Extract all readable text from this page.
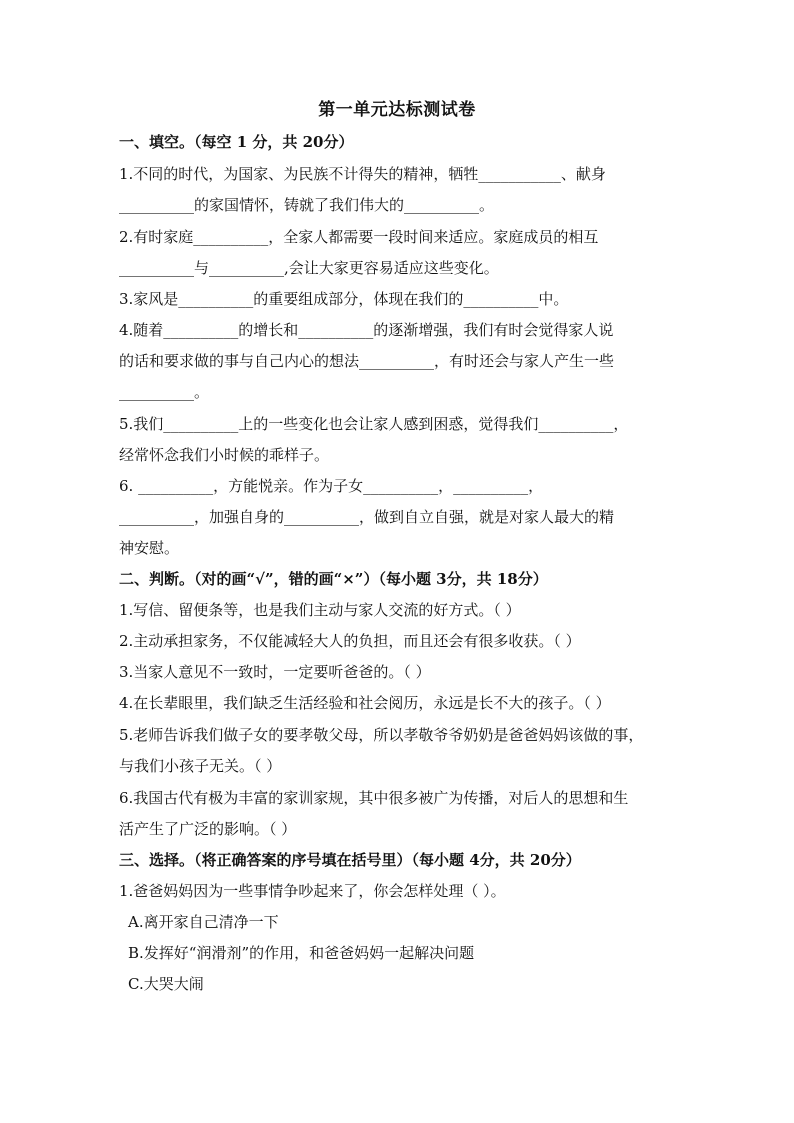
第一单元达标测试卷
一、填空。（每空 1 分，共 20分）
1.不同的时代，为国家、为民族不计得失的精神，牺牲___________、献身
__________的家国情怀，铸就了我们伟大的__________。
2.有时家庭__________，全家人都需要一段时间来适应。家庭成员的相互
__________与__________,会让大家更容易适应这些变化。
3.家风是__________的重要组成部分，体现在我们的__________中。
4.随着__________的增长和__________的逐渐增强，我们有时会觉得家人说
的话和要求做的事与自己内心的想法__________，有时还会与家人产生一些
__________。
5.我们__________上的一些变化也会让家人感到困惑，觉得我们__________，
经常怀念我们小时候的乖样子。
6. __________，方能悦亲。作为子女__________，__________，
__________，加强自身的__________，做到自立自强，就是对家人最大的精
神安慰。
二、判断。（对的画“√”，错的画“×”）（每小题 3分，共 18分）
1.写信、留便条等，也是我们主动与家人交流的好方式。（ ）
2.主动承担家务，不仅能减轻大人的负担，而且还会有很多收获。（ ）
3.当家人意见不一致时，一定要听爸爸的。（ ）
4.在长辈眼里，我们缺乏生活经验和社会阅历，永远是长不大的孩子。（ ）
5.老师告诉我们做子女的要孝敬父母，所以孝敬爷爷奶奶是爸爸妈妈该做的事，
与我们小孩子无关。（ ）
6.我国古代有极为丰富的家训家规，其中很多被广为传播，对后人的思想和生
活产生了广泛的影响。（ ）
三、选择。（将正确答案的序号填在括号里）（每小题 4分，共 20分）
1.爸爸妈妈因为一些事情争吵起来了，你会怎样处理（ ）。
A.离开家自己清净一下
B.发挥好“润滑剂”的作用，和爸爸妈妈一起解决问题
C.大哭大闹
